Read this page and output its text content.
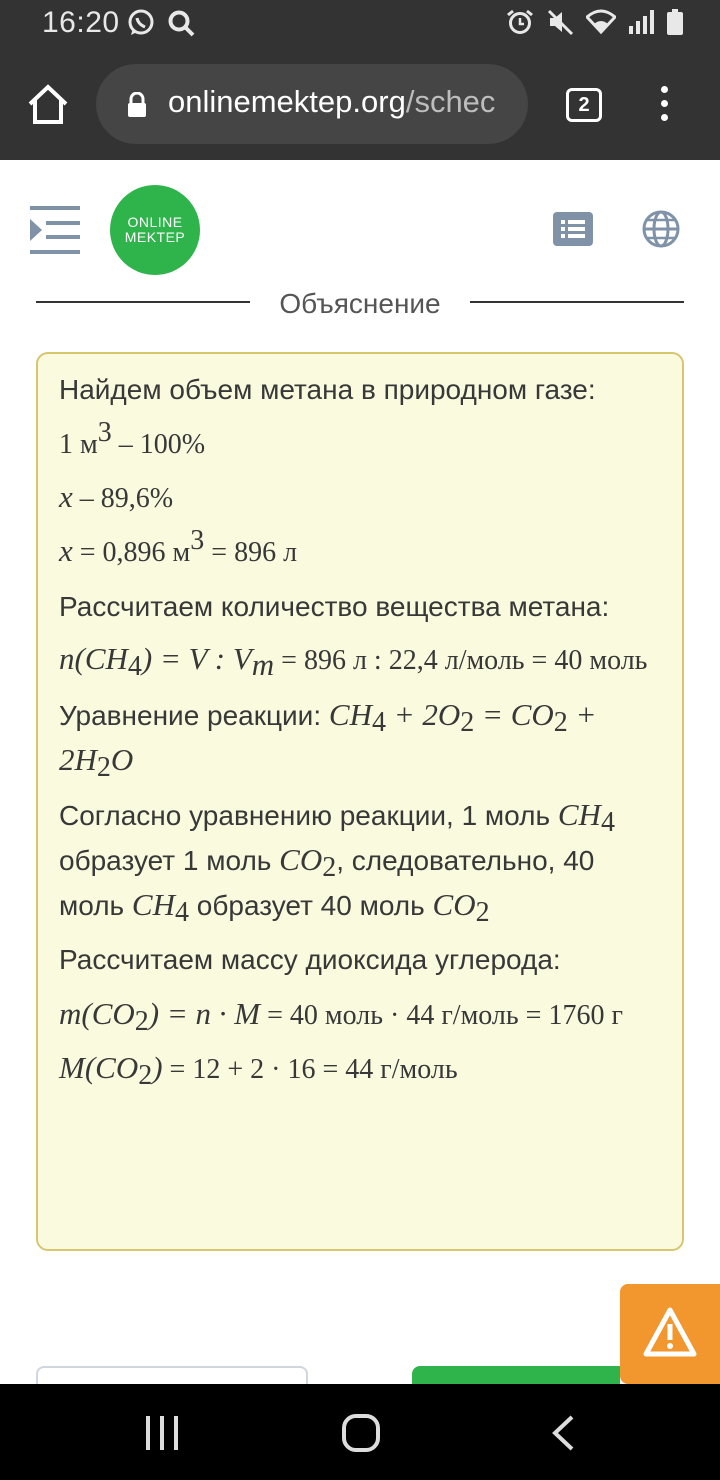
16:20
onlinemektep.org/schec	2
ONLINE
MEKTEP
Объяснение

Найдем объем метана в природном газе:

1 $м^3 - 100\%$

x – 89,6%

x = 0,896 $м^3 = 896$ л

Рассчитаем количество вещества метана:

$n(CH_4) = V$ : $V_m = 896$ л : 22,4 л/моль = 40 моль

Уравнение реакции: $CH_4 + 2O_2 = CO_2 + 2H_2O$

Согласно уравнению реакции, 1 моль $CH_4$ образует 1 моль $CO_2$, следовательно, 40 моль $CH_4$ образует 40 моль $CO_2$

Рассчитаем массу диоксида углерода:

$m(CO_2) = n \cdot M = 40$ моль · 44 г/моль = 1760 г

$M(CO_2) = 12 + 2 \cdot 16 = 44$ г/моль
